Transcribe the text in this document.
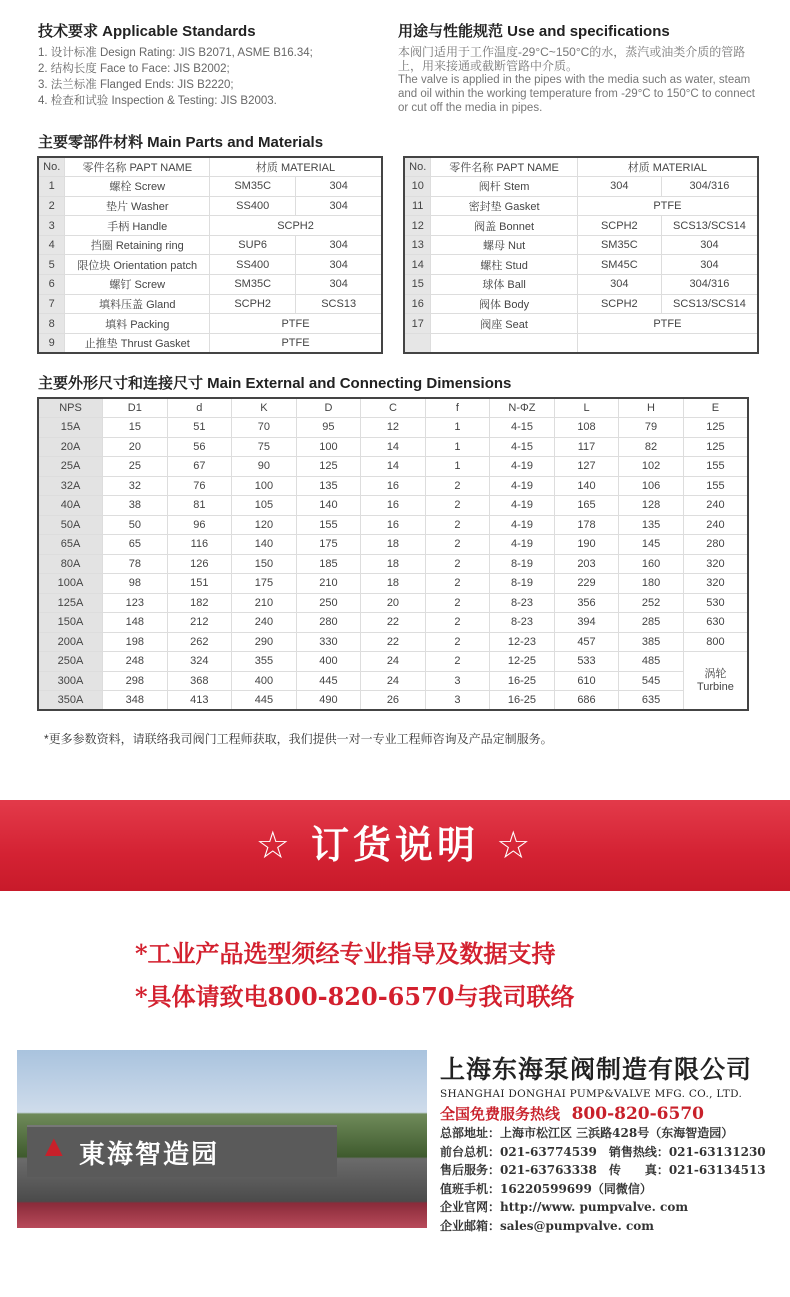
技术要求 Applicable Standards

1. 设计标准 Design Rating: JIS B2071, ASME B16.34;

2. 结构长度 Face to Face: JIS B2002;

3. 法兰标准 Flanged Ends: JIS B2220;

4. 检查和试验 Inspection & Testing: JIS B2003.

用途与性能规范 Use and specifications

本阀门适用于工作温度-29°C~150°C的水，蒸汽或油类介质的管路上，用来接通或截断管路中介质。

The valve is applied in the pipes with the media such as water, steam and oil within the working temperature from -29°C to 150°C to connect or cut off the media in pipes.

主要零部件材料 Main Parts and Materials
No.	零件名称 PAPT NAME	材质 MATERIAL	
1	螺栓 Screw	SM35C	304
2	垫片 Washer	SS400	304
3	手柄 Handle	SCPH2	
4	挡圈 Retaining ring	SUP6	304
5	限位块 Orientation patch	SS400	304
6	螺钉 Screw	SM35C	304
7	填料压盖 Gland	SCPH2	SCS13
8	填料 Packing	PTFE	
9	止推垫 Thrust Gasket	PTFE	
No.	零件名称 PAPT NAME	材质 MATERIAL	
10	阀杆 Stem	304	304/316
11	密封垫 Gasket	PTFE	
12	阀盖 Bonnet	SCPH2	SCS13/SCS14
13	螺母 Nut	SM35C	304
14	螺柱 Stud	SM45C	304
15	球体 Ball	304	304/316
16	阀体 Body	SCPH2	SCS13/SCS14
17	阀座 Seat	PTFE	

主要外形尺寸和连接尺寸 Main External and Connecting Dimensions
NPS	D1	d	K	D	C	f	N-ΦZ	L	H	E
15A	15	51	70	95	12	1	4-15	108	79	125
20A	20	56	75	100	14	1	4-15	117	82	125
25A	25	67	90	125	14	1	4-19	127	102	155
32A	32	76	100	135	16	2	4-19	140	106	155
40A	38	81	105	140	16	2	4-19	165	128	240
50A	50	96	120	155	16	2	4-19	178	135	240
65A	65	116	140	175	18	2	4-19	190	145	280
80A	78	126	150	185	18	2	8-19	203	160	320
100A	98	151	175	210	18	2	8-19	229	180	320
125A	123	182	210	250	20	2	8-23	356	252	530
150A	148	212	240	280	22	2	8-23	394	285	630
200A	198	262	290	330	22	2	12-23	457	385	800
250A	248	324	355	400	24	2	12-25	533	485	涡轮
Turbine

300A	298	368	400	445	24	3	16-25	610	545	
350A	348	413	445	490	26	3	16-25	686	635	
*更多参数资料，请联络我司阀门工程师获取，我们提供一对一专业工程师咨询及产品定制服务。
☆ 订货说明 ☆
*工业产品选型须经专业指导及数据支持
*具体请致电800-820-6570与我司联络
▲ 東海智造园
上海东海泵阀制造有限公司
SHANGHAI DONGHAI PUMP&VALVE MFG. CO., LTD.
全国免费服务热线 800-820-6570

总部地址：上海市松江区 三浜路428号（东海智造园）

前台总机：021-63774539　销售热线：021-63131230

售后服务：021-63763338　传　　真：021-63134513

值班手机：16220599699（同微信）

企业官网：http://www. pumpvalve. com

企业邮箱：sales@pumpvalve. com
